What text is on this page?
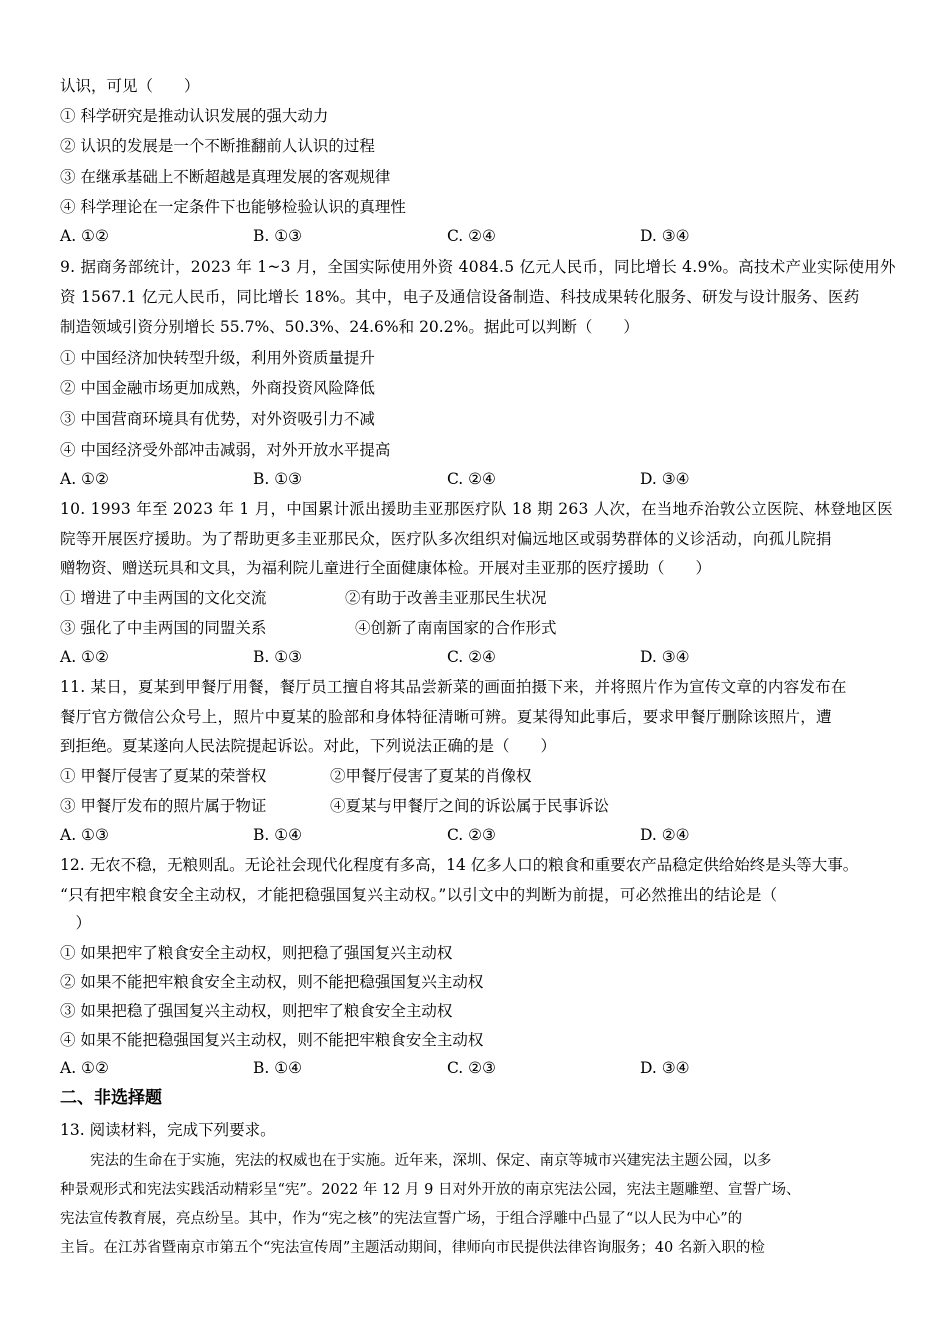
认识，可见（　　）
① 科学研究是推动认识发展的强大动力
② 认识的发展是一个不断推翻前人认识的过程
③ 在继承基础上不断超越是真理发展的客观规律
④ 科学理论在一定条件下也能够检验认识的真理性
A. ①②	B. ①③	C. ②④	D. ③④
9. 据商务部统计，2023 年 1~3 月，全国实际使用外资 4084.5 亿元人民币，同比增长 4.9%。高技术产业实际使用外
资 1567.1 亿元人民币，同比增长 18%。其中，电子及通信设备制造、科技成果转化服务、研发与设计服务、医药
制造领域引资分别增长 55.7%、50.3%、24.6%和 20.2%。据此可以判断（　　）
① 中国经济加快转型升级，利用外资质量提升
② 中国金融市场更加成熟，外商投资风险降低
③ 中国营商环境具有优势，对外资吸引力不减
④ 中国经济受外部冲击减弱，对外开放水平提高
A. ①②	B. ①③	C. ②④	D. ③④
10. 1993 年至 2023 年 1 月，中国累计派出援助圭亚那医疗队 18 期 263 人次，在当地乔治敦公立医院、林登地区医
院等开展医疗援助。为了帮助更多圭亚那民众，医疗队多次组织对偏远地区或弱势群体的义诊活动，向孤儿院捐
赠物资、赠送玩具和文具，为福利院儿童进行全面健康体检。开展对圭亚那的医疗援助（　　）
① 增进了中圭两国的文化交流	②有助于改善圭亚那民生状况
③ 强化了中圭两国的同盟关系	④创新了南南国家的合作形式
A. ①②	B. ①③	C. ②④	D. ③④
11. 某日，夏某到甲餐厅用餐，餐厅员工擅自将其品尝新菜的画面拍摄下来，并将照片作为宣传文章的内容发布在
餐厅官方微信公众号上，照片中夏某的脸部和身体特征清晰可辨。夏某得知此事后，要求甲餐厅删除该照片，遭
到拒绝。夏某遂向人民法院提起诉讼。对此，下列说法正确的是（　　）
① 甲餐厅侵害了夏某的荣誉权	②甲餐厅侵害了夏某的肖像权
③ 甲餐厅发布的照片属于物证	④夏某与甲餐厅之间的诉讼属于民事诉讼
A. ①③	B. ①④	C. ②③	D. ②④
12. 无农不稳，无粮则乱。无论社会现代化程度有多高，14 亿多人口的粮食和重要农产品稳定供给始终是头等大事。
“只有把牢粮食安全主动权，才能把稳强国复兴主动权。”以引文中的判断为前提，可必然推出的结论是（
　）
① 如果把牢了粮食安全主动权，则把稳了强国复兴主动权
② 如果不能把牢粮食安全主动权，则不能把稳强国复兴主动权
③ 如果把稳了强国复兴主动权，则把牢了粮食安全主动权
④ 如果不能把稳强国复兴主动权，则不能把牢粮食安全主动权
A. ①②	B. ①④	C. ②③	D. ③④
二、非选择题
13. 阅读材料，完成下列要求。
宪法的生命在于实施，宪法的权威也在于实施。近年来，深圳、保定、南京等城市兴建宪法主题公园，以多
种景观形式和宪法实践活动精彩呈“宪”。2022 年 12 月 9 日对外开放的南京宪法公园，宪法主题雕塑、宣誓广场、
宪法宣传教育展，亮点纷呈。其中，作为“宪之核”的宪法宣誓广场，于组合浮雕中凸显了“以人民为中心”的
主旨。在江苏省暨南京市第五个“宪法宣传周”主题活动期间，律师向市民提供法律咨询服务；40 名新入职的检
